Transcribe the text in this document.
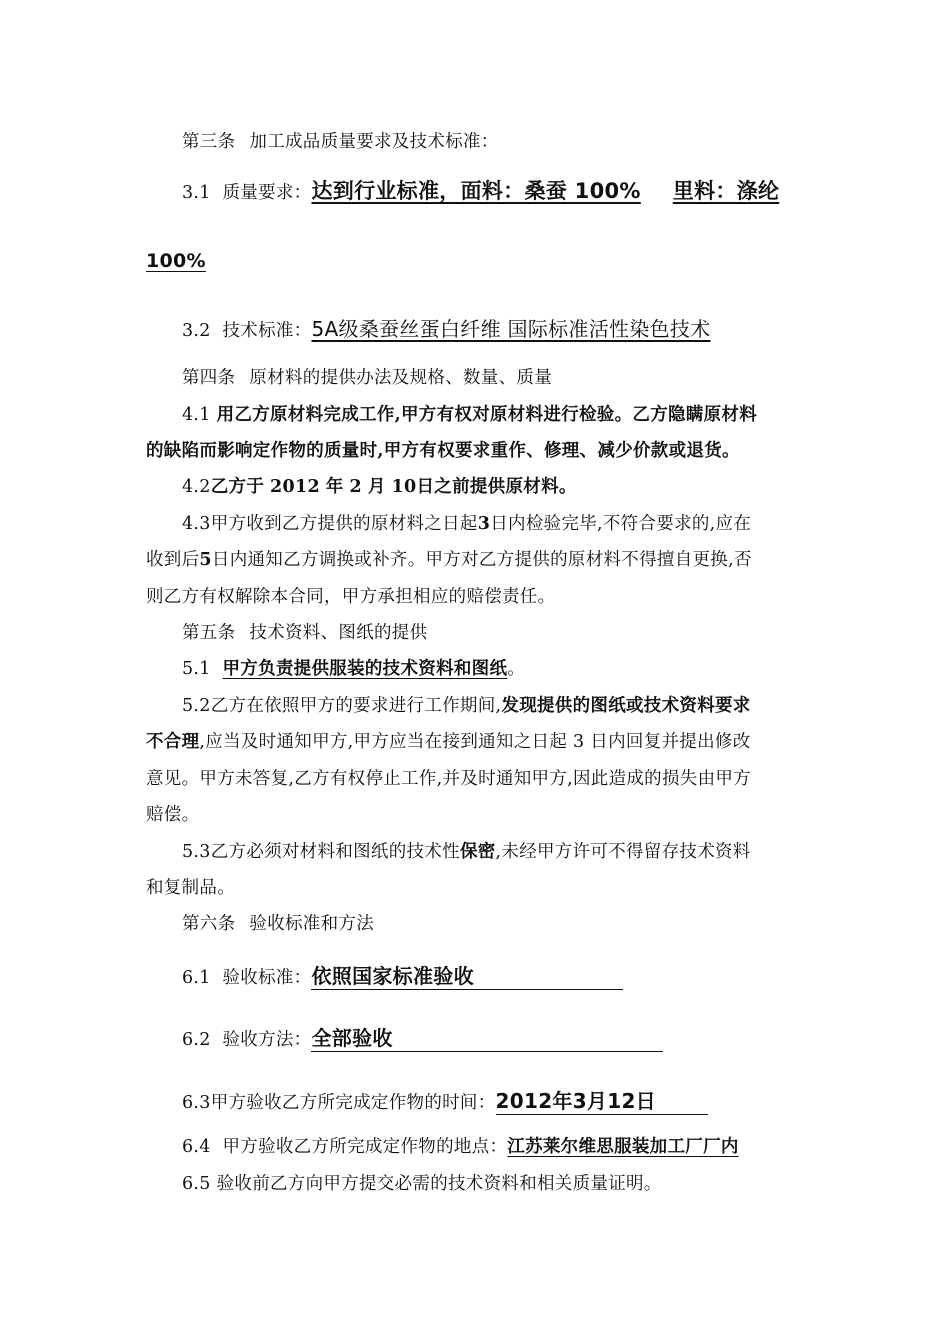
第三条 加工成品质量要求及技术标准：
3.1 质量要求：达到行业标准，面料：桑蚕 100% 里料：涤纶
100%
3.2 技术标准：5A级桑蚕丝蛋白纤维 国际标准活性染色技术
第四条 原材料的提供办法及规格、数量、质量
4.1 用乙方原材料完成工作,甲方有权对原材料进行检验。乙方隐瞒原材料
的缺陷而影响定作物的质量时,甲方有权要求重作、修理、减少价款或退货。
4.2乙方于 2012 年 2 月 10日之前提供原材料。
4.3甲方收到乙方提供的原材料之日起3日内检验完毕,不符合要求的,应在
收到后5日内通知乙方调换或补齐。甲方对乙方提供的原材料不得擅自更换,否
则乙方有权解除本合同，甲方承担相应的赔偿责任。
第五条 技术资料、图纸的提供
5.1 甲方负责提供服装的技术资料和图纸。
5.2乙方在依照甲方的要求进行工作期间,发现提供的图纸或技术资料要求
不合理,应当及时通知甲方,甲方应当在接到通知之日起 3 日内回复并提出修改
意见。甲方未答复,乙方有权停止工作,并及时通知甲方,因此造成的损失由甲方
赔偿。
5.3乙方必须对材料和图纸的技术性保密,未经甲方许可不得留存技术资料
和复制品。
第六条 验收标准和方法
6.1 验收标准：依照国家标准验收
6.2 验收方法：全部验收
6.3甲方验收乙方所完成定作物的时间：2012年3月12日
6.4 甲方验收乙方所完成定作物的地点：江苏莱尔维思服装加工厂厂内
6.5 验收前乙方向甲方提交必需的技术资料和相关质量证明。
